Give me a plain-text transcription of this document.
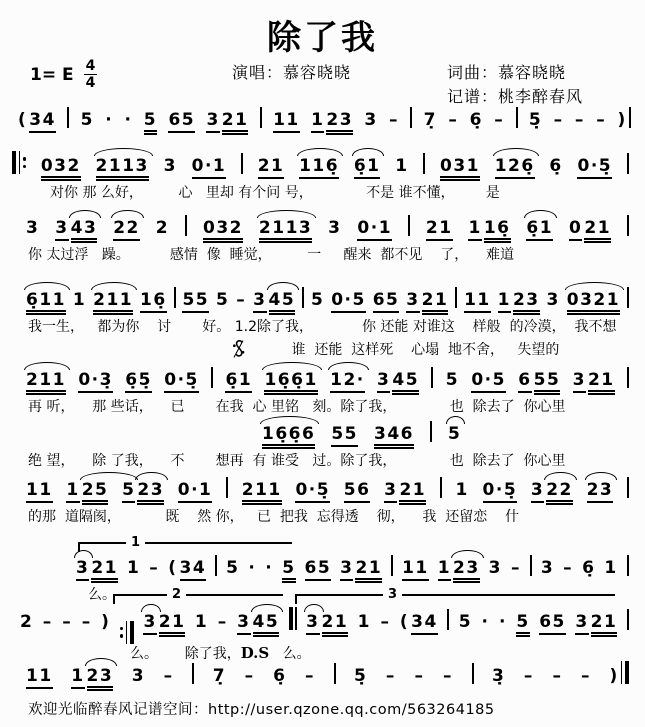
除了我
1= E 4
4
演唱：慕容晓晓	词曲：慕容晓晓
记谱：桃李醉春风
( 34 5 · · 5 65 3 21 11 1 23 3 – 7̣ – 6̣ – 5̣ – – – )
032 2113 3 0·1 21 116̣ 6̣1 1 031 126̣ 6̣ 0·5̣
对你 那 么好，        心   里却 有个问 号，            不是 谁不懂，       是
3 3 43 22 2 032 2113 3 0·1 21 1 16̣ 6̣1 0 21
你 太过浮   躁。         感情  像  睡觉，        一     醒来  都不见    了，    难道
6̣11 1 211 16̣ 55 5 – 3 45 5 0·5 65 3 21 11 1 23 3 0321
我一生，   都为你    讨       好。 1.2除了我，           你 还能 对谁这    样般  的冷漠，  我不想
谁  还能  这样死    心塌  地不舍，   失望的
211 0·3̣ 6̣5̣ 0·5̣ 6̣1 16̣6̣1 12· 3 45 5 0·5 6 55 3 21
再 听，    那 些话，    已       在我  心 里铭   刻。除了我，            也  除去了  你心里
16̣6̣6 55 346 5
绝 望，    除 了我，    不       想再  有 谁受   过。除了我，            也  除去了  你心里
11 1 25 5 23 0·1 211 0·5̣ 56 3 21 1 0·5̣ 3 22 23
的那  道隔阂，          既    然 你，   已  把我  忘得透    彻，    我  还留恋    什
1
3 21 1 – ( 34 5 · · 5 65 3 21 11 1 23 3 – 3 – 6̣ 1
么。	2	3
2 – – – ) 3 21 1 – 3 45 3 21 1 – ( 34 5 · · 5 65 3 21
么。      除了我，D.S   么。
11 1 23 3 – 7̣ – 6̣ – 5̣ – – – 3̣ – – – )
欢迎光临醉春风记谱空间：http://user.qzone.qq.com/563264185
